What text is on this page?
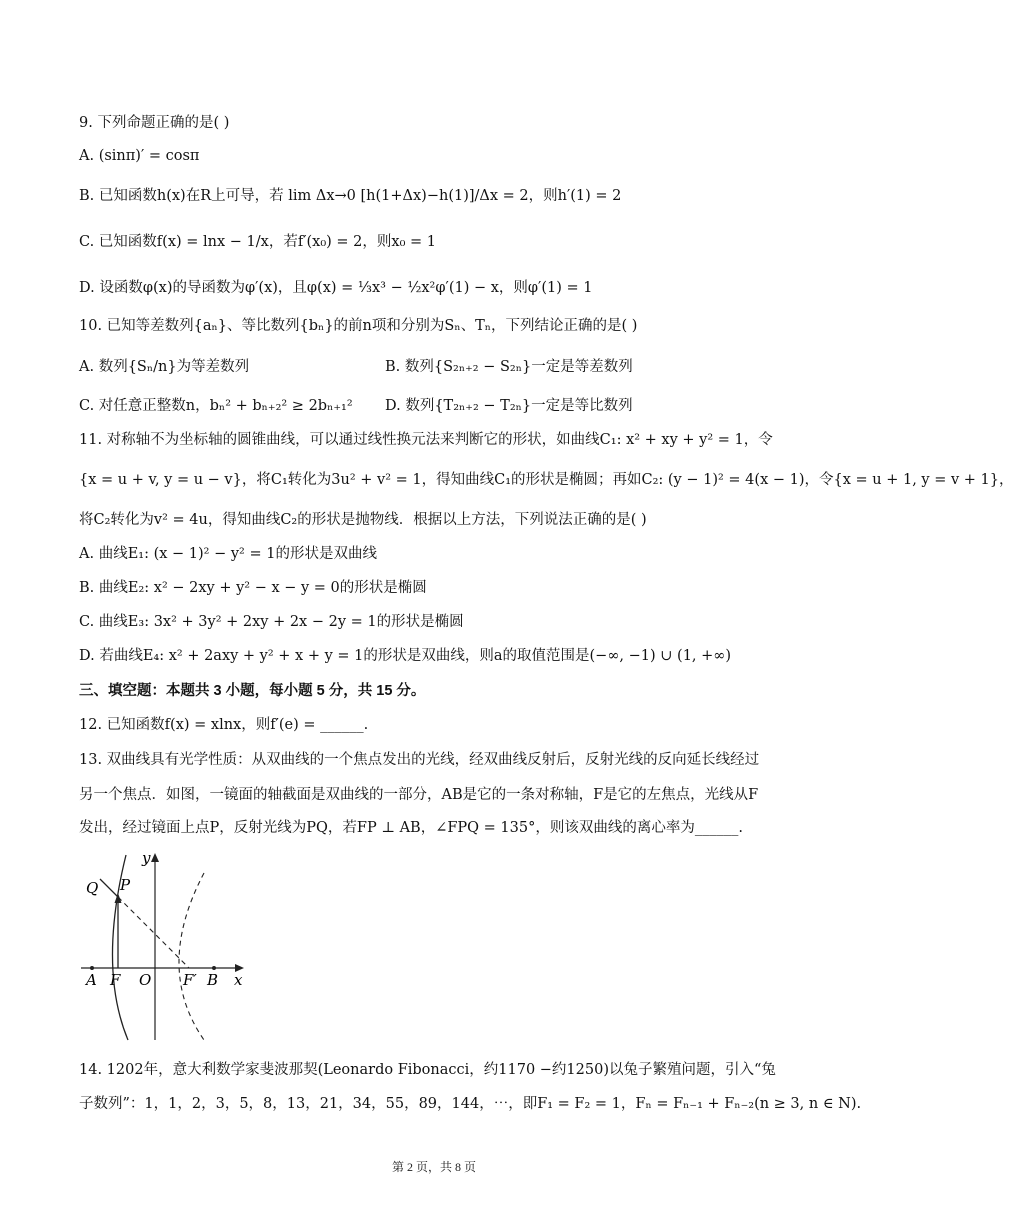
9. 下列命题正确的是( )
A. (sinπ)′ = cosπ
B. 已知函数h(x)在R上可导，若 lim Δx→0 [h(1+Δx)−h(1)]/Δx = 2，则h′(1) = 2
C. 已知函数f(x) = lnx − 1/x，若f′(x₀) = 2，则x₀ = 1
D. 设函数φ(x)的导函数为φ′(x)，且φ(x) = ⅓x³ − ½x²φ′(1) − x，则φ′(1) = 1
10. 已知等差数列{aₙ}、等比数列{bₙ}的前n项和分别为Sₙ、Tₙ，下列结论正确的是( )
A. 数列{Sₙ/n}为等差数列	B. 数列{S₂ₙ₊₂ − S₂ₙ}一定是等差数列
C. 对任意正整数n，bₙ² + bₙ₊₂² ≥ 2bₙ₊₁² D. 数列{T₂ₙ₊₂ − T₂ₙ}一定是等比数列
11. 对称轴不为坐标轴的圆锥曲线，可以通过线性换元法来判断它的形状，如曲线C₁: x² + xy + y² = 1，令
{x = u + v, y = u − v}，将C₁转化为3u² + v² = 1，得知曲线C₁的形状是椭圆；再如C₂: (y − 1)² = 4(x − 1)，令{x = u + 1, y = v + 1}，
将C₂转化为v² = 4u，得知曲线C₂的形状是抛物线．根据以上方法，下列说法正确的是( )
A. 曲线E₁: (x − 1)² − y² = 1的形状是双曲线
B. 曲线E₂: x² − 2xy + y² − x − y = 0的形状是椭圆
C. 曲线E₃: 3x² + 3y² + 2xy + 2x − 2y = 1的形状是椭圆
D. 若曲线E₄: x² + 2axy + y² + x + y = 1的形状是双曲线，则a的取值范围是(−∞, −1) ∪ (1, +∞)
三、填空题：本题共 3 小题，每小题 5 分，共 15 分。
12. 已知函数f(x) = xlnx，则f′(e) = ______.
13. 双曲线具有光学性质：从双曲线的一个焦点发出的光线，经双曲线反射后，反射光线的反向延长线经过
另一个焦点．如图，一镜面的轴截面是双曲线的一部分，AB是它的一条对称轴，F是它的左焦点，光线从F
发出，经过镜面上点P，反射光线为PQ，若FP ⊥ AB，∠FPQ = 135°，则该双曲线的离心率为______.
y
x
Q P
A F O F′ B
14. 1202年，意大利数学家斐波那契(Leonardo Fibonacci，约1170 −约1250)以兔子繁殖问题，引入“兔
子数列”：1，1，2，3，5，8，13，21，34，55，89，144，⋯，即F₁ = F₂ = 1，Fₙ = Fₙ₋₁ + Fₙ₋₂(n ≥ 3, n ∈ N).
第 2 页，共 8 页
